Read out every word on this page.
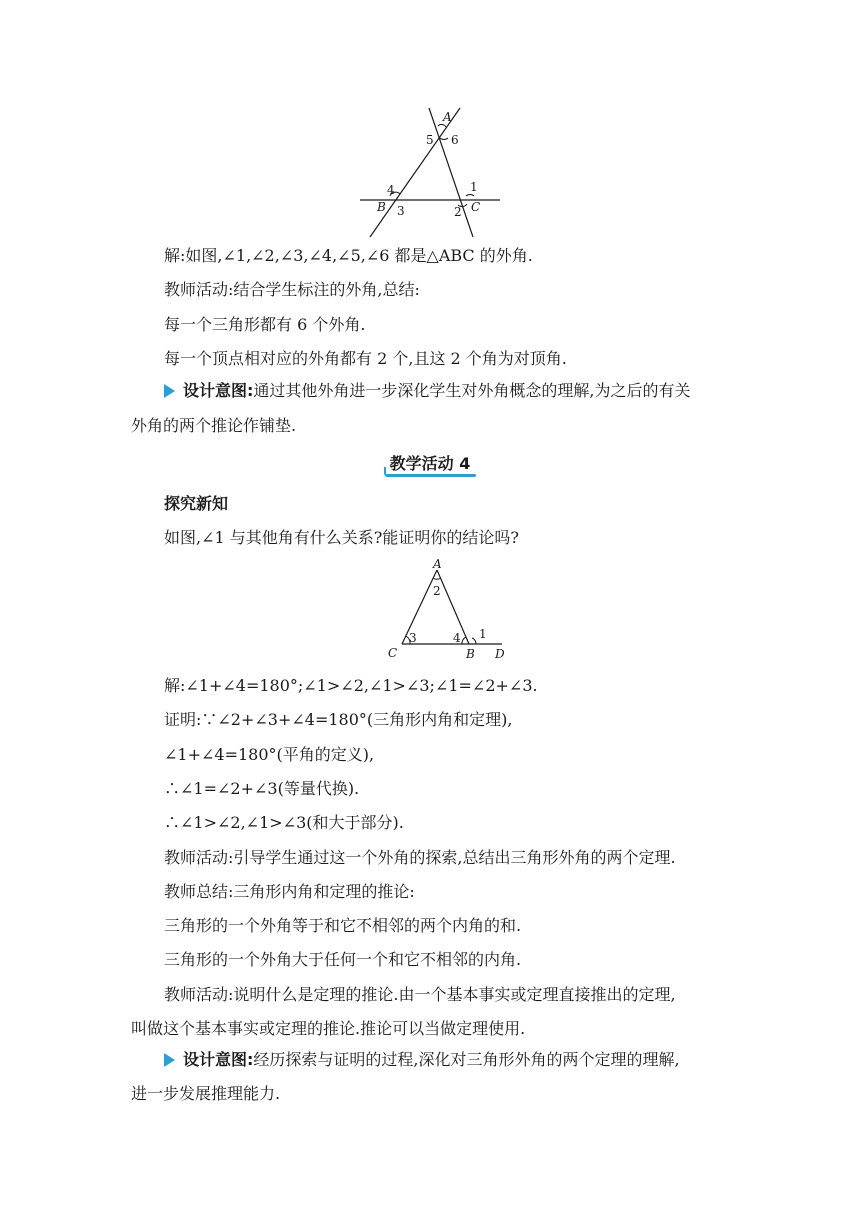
A
5 6
4
B 3
1
2 C
解:如图,∠1,∠2,∠3,∠4,∠5,∠6 都是△ABC 的外角.
教师活动:结合学生标注的外角,总结:
每一个三角形都有 6 个外角.
每一个顶点相对应的外角都有 2 个,且这 2 个角为对顶角.
设计意图:通过其他外角进一步深化学生对外角概念的理解,为之后的有关
外角的两个推论作铺垫.
教学活动 4
探究新知
如图,∠1 与其他角有什么关系?能证明你的结论吗?
A
2
3	4 1
C	B D
解:∠1+∠4=180°;∠1>∠2,∠1>∠3;∠1=∠2+∠3.
证明:∵∠2+∠3+∠4=180°(三角形内角和定理),
∠1+∠4=180°(平角的定义),
∴∠1=∠2+∠3(等量代换).
∴∠1>∠2,∠1>∠3(和大于部分).
教师活动:引导学生通过这一个外角的探索,总结出三角形外角的两个定理.
教师总结:三角形内角和定理的推论:
三角形的一个外角等于和它不相邻的两个内角的和.
三角形的一个外角大于任何一个和它不相邻的内角.
教师活动:说明什么是定理的推论.由一个基本事实或定理直接推出的定理,
叫做这个基本事实或定理的推论.推论可以当做定理使用.
设计意图:经历探索与证明的过程,深化对三角形外角的两个定理的理解,
进一步发展推理能力.
